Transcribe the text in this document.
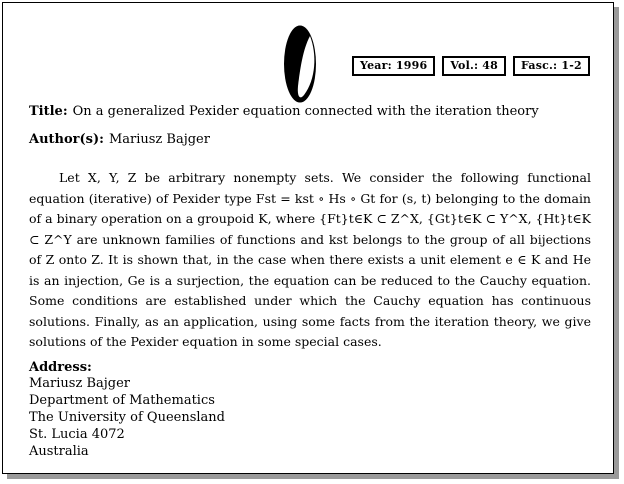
Year: 1996	Vol.: 48	Fasc.: 1-2
Title: On a generalized Pexider equation connected with the iteration theory
Author(s): Mariusz Bajger

Let X, Y, Z be arbitrary nonempty sets. We consider the following functional equation (iterative) of Pexider type Fst = kst ∘ Hs ∘ Gt for (s, t) belonging to the domain of a binary operation on a groupoid K, where {Ft}t∈K ⊂ Z^X, {Gt}t∈K ⊂ Y^X, {Ht}t∈K ⊂ Z^Y are unknown families of functions and kst belongs to the group of all bijections of Z onto Z. It is shown that, in the case when there exists a unit element e ∈ K and He is an injection, Ge is a surjection, the equation can be reduced to the Cauchy equation. Some conditions are established under which the Cauchy equation has continuous solutions. Finally, as an application, using some facts from the iteration theory, we give solutions of the Pexider equation in some special cases.

Address:
Mariusz Bajger
Department of Mathematics
The University of Queensland
St. Lucia 4072
Australia
